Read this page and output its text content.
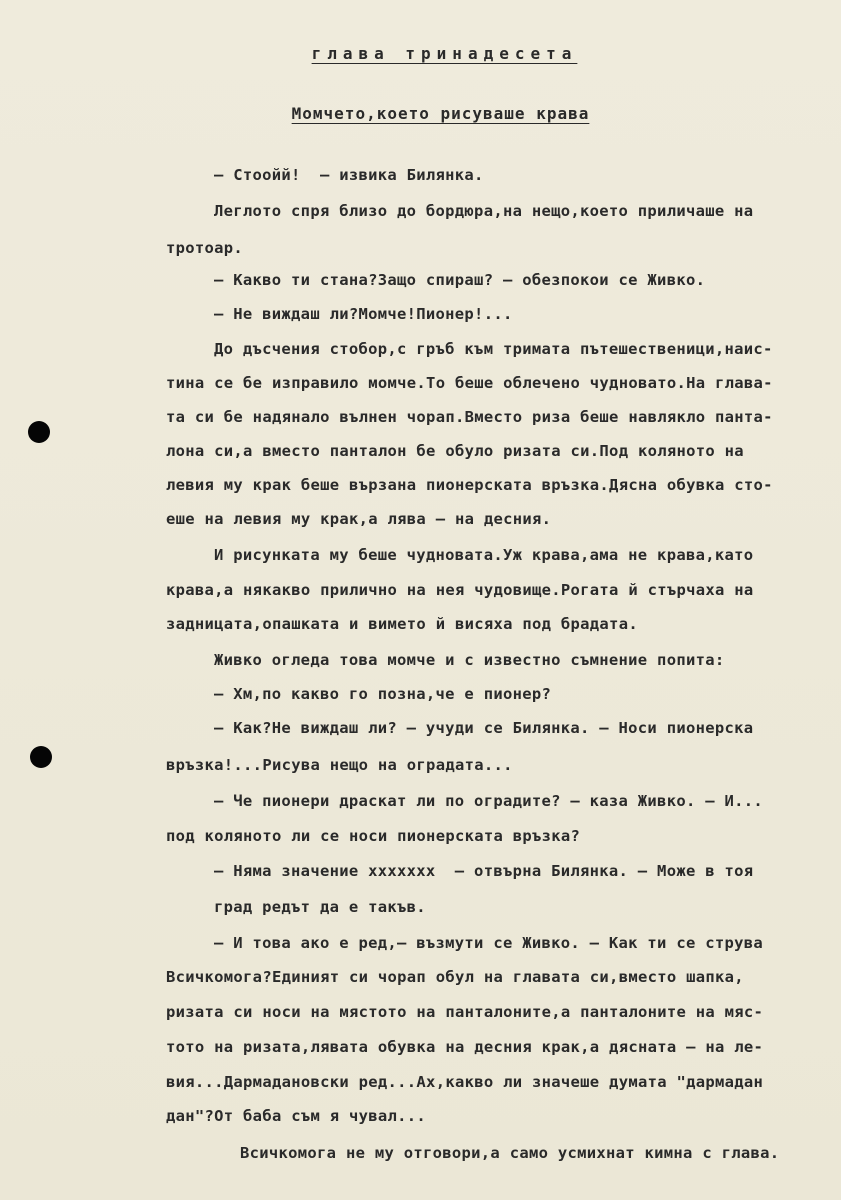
глава тринадесета
Момчето,което рисуваше крава
– Стоойй!  – извика Билянка.
Леглото спря близо до бордюра,на нещо,което приличаше на
тротоар.
– Какво ти стана?Защо спираш? – обезпокои се Живко.
– Не виждаш ли?Момче!Пионер!...
До дъсчения стобор,с гръб към тримата пътешественици,наис-
тина се бе изправило момче.То беше облечено чудновато.На глава-
та си бе надяналo вълнен чорап.Вместо риза беше навлякло панта-
лона си,а вместо панталон бе обуло ризата си.Под коляното на
левия му крак беше вързана пионерската връзка.Дясна обувка сто-
еше на левия му крак,а лява – на десния.
И рисунката му беше чудновата.Уж крава,ама не крава,като
крава,а някакво прилично на нея чудовище.Рогата й стърчаха на
задницата,опашката и вимето й висяха под брадата.
Живко огледа това момче и с известно съмнение попита:
– Хм,по какво го позна,че е пионер?
– Как?Не виждаш ли? – учуди се Билянка. – Носи пионерска
връзка!...Рисува нещо на оградата...
– Че пионери драскат ли по оградите? – каза Живко. – И...
под коляното ли се носи пионерската връзка?
– Няма значение xxxxxxx  – отвърна Билянка. – Може в тоя
град редът да е такъв.
– И това ако е ред,– възмути се Живко. – Как ти се струва
Всичкомога?Единият си чорап обул на главата си,вместо шапка,
ризата си носи на мястото на панталоните,а панталоните на мяс-
тото на ризата,лявата обувка на десния крак,а дясната – на ле-
вия...Дармадановски ред...Ах,какво ли значеше думата "дармадан
дан"?От баба съм я чувал...
Всичкомога не му отговори,а само усмихнат кимна с глава.
